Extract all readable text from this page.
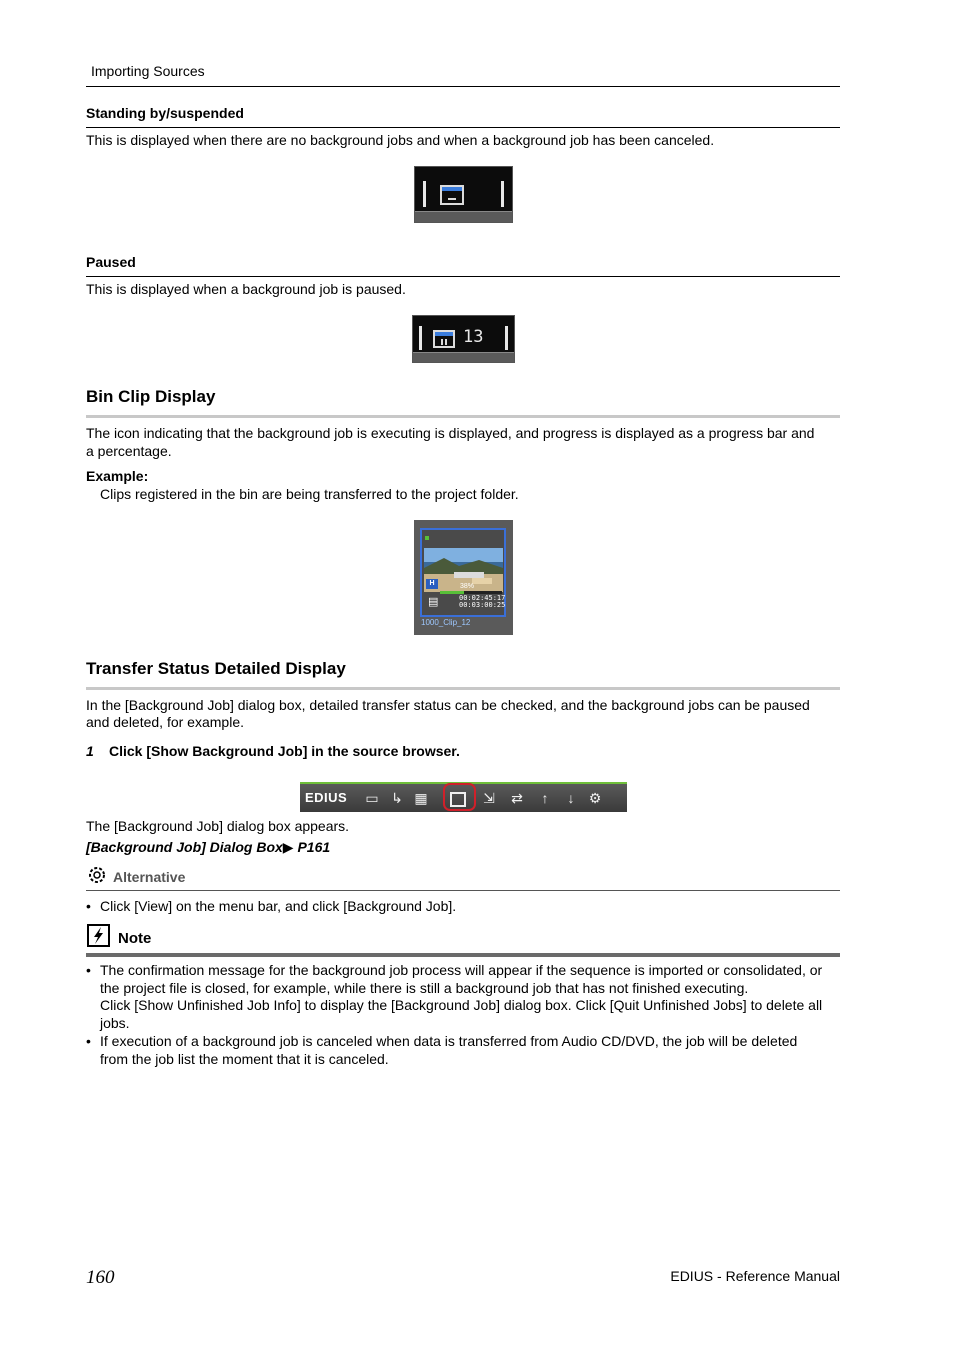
Importing Sources
Standing by/suspended
This is displayed when there are no background jobs and when a background job has been canceled.
Paused
This is displayed when a background job is paused.
13
Bin Clip Display
The icon indicating that the background job is executing is displayed, and progress is displayed as a progress bar and
a percentage.
Example:
Clips registered in the bin are being transferred to the project folder.
H	38%
▤	00:02:45:17
00:03:00:25
1000_Clip_12
Transfer Status Detailed Display
In the [Background Job] dialog box, detailed transfer status can be checked, and the background jobs can be paused
and deleted, for example.
1 Click [Show Background Job] in the source browser.
EDIUS ▭ ↳ ▦	⇲ ⇄	↑	↓	⚙
The [Background Job] dialog box appears.
[Background Job] Dialog Box▶ P161
Alternative
• Click [View] on the menu bar, and click [Background Job].
Note
• The confirmation message for the background job process will appear if the sequence is imported or consolidated, or
the project file is closed, for example, while there is still a background job that has not finished executing.
Click [Show Unfinished Job Info] to display the [Background Job] dialog box. Click [Quit Unfinished Jobs] to delete all
jobs.
• If execution of a background job is canceled when data is transferred from Audio CD/DVD, the job will be deleted
from the job list the moment that it is canceled.
160	EDIUS - Reference Manual
